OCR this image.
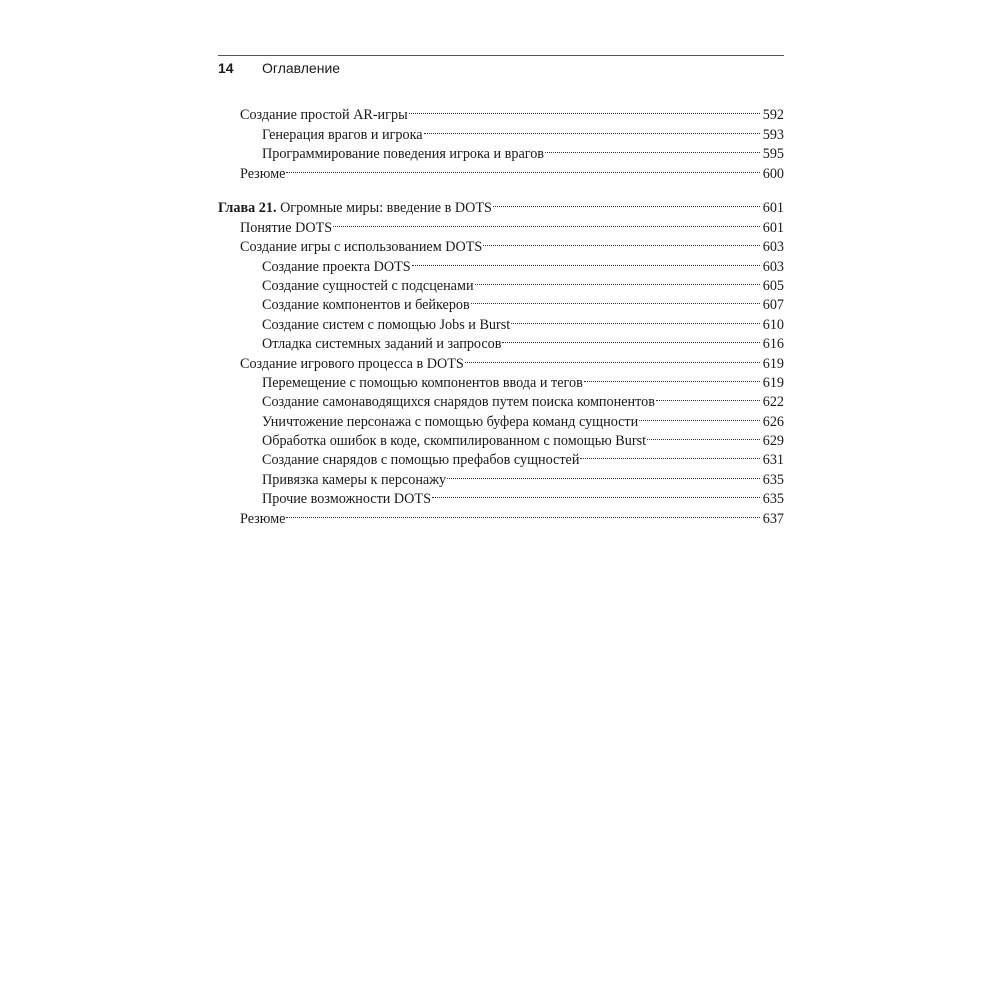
14	Оглавление
Создание простой AR-игры	592
Генерация врагов и игрока	593
Программирование поведения игрока и врагов	595
Резюме	600
Глава 21. Огромные миры: введение в DOTS	601
Понятие DOTS	601
Создание игры с использованием DOTS	603
Создание проекта DOTS	603
Создание сущностей с подсценами	605
Создание компонентов и бейкеров	607
Создание систем с помощью Jobs и Burst	610
Отладка системных заданий и запросов	616
Создание игрового процесса в DOTS	619
Перемещение с помощью компонентов ввода и тегов	619
Создание самонаводящихся снарядов путем поиска компонентов	622
Уничтожение персонажа с помощью буфера команд сущности	626
Обработка ошибок в коде, скомпилированном с помощью Burst	629
Создание снарядов с помощью префабов сущностей	631
Привязка камеры к персонажу	635
Прочие возможности DOTS	635
Резюме	637
